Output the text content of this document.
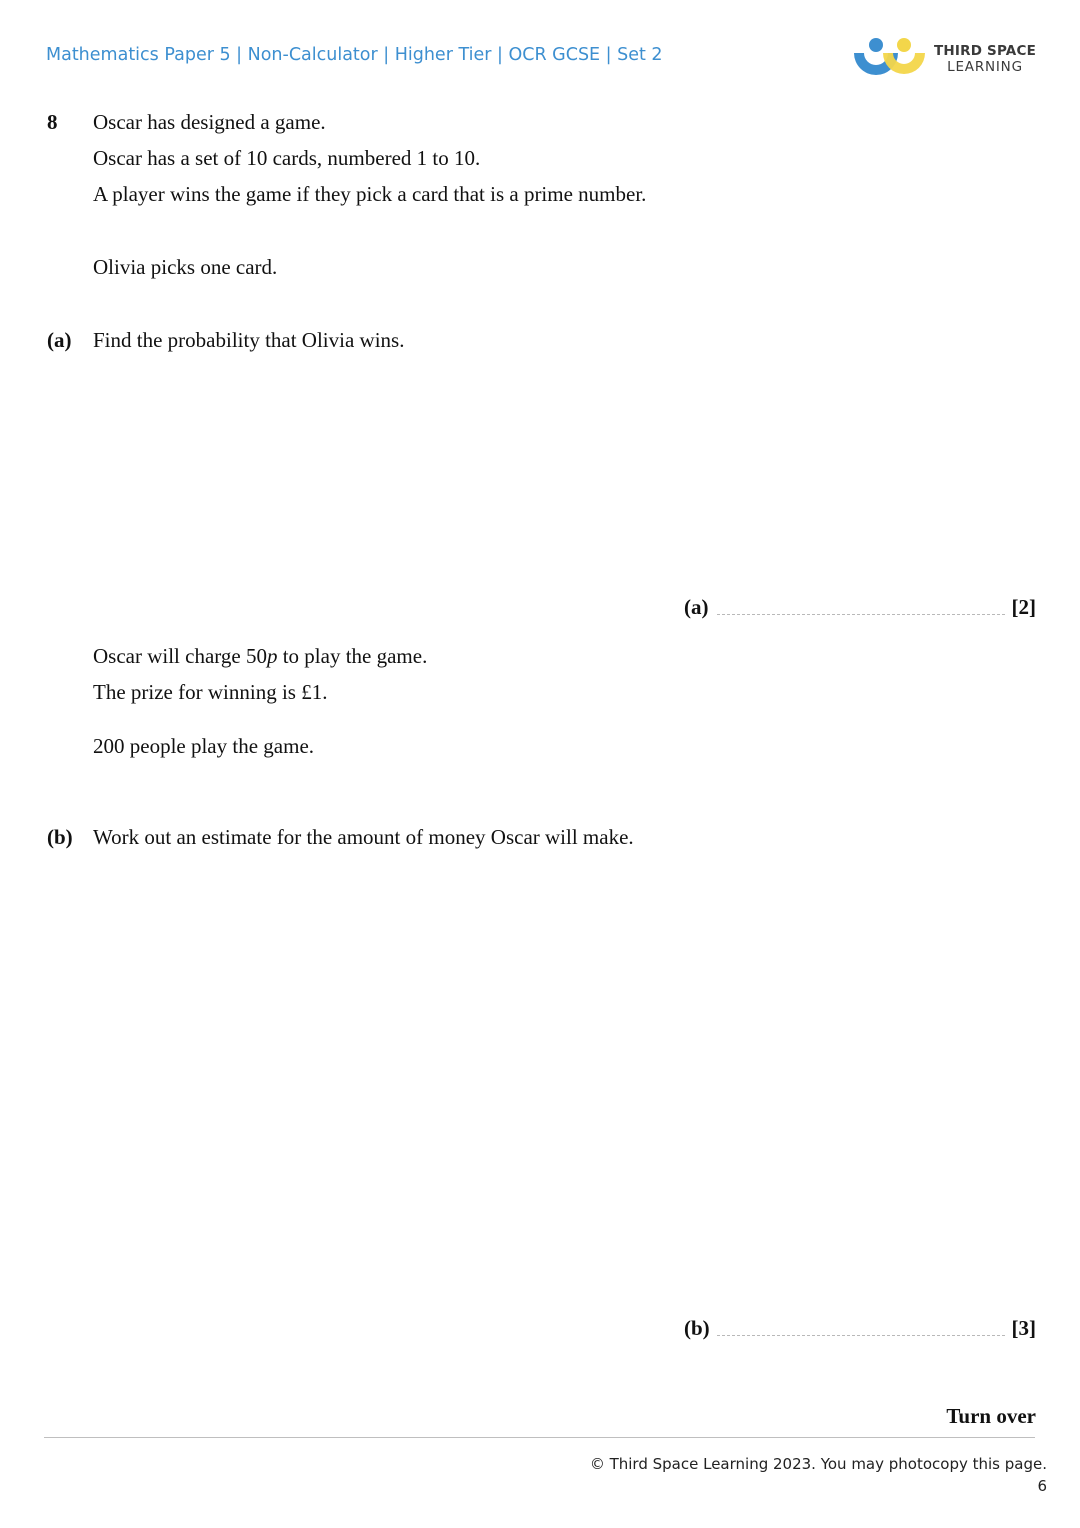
Mathematics Paper 5 | Non-Calculator | Higher Tier | OCR GCSE | Set 2	THIRD SPACE
LEARNING
8 Oscar has designed a game.
Oscar has a set of 10 cards, numbered 1 to 10.
A player wins the game if they pick a card that is a prime number.
Olivia picks one card.
(a) Find the probability that Olivia wins.
(a)	[2]
Oscar will charge 50p to play the game.
The prize for winning is £1.
200 people play the game.
(b) Work out an estimate for the amount of money Oscar will make.
(b)	[3]
Turn over
© Third Space Learning 2023. You may photocopy this page.
6
